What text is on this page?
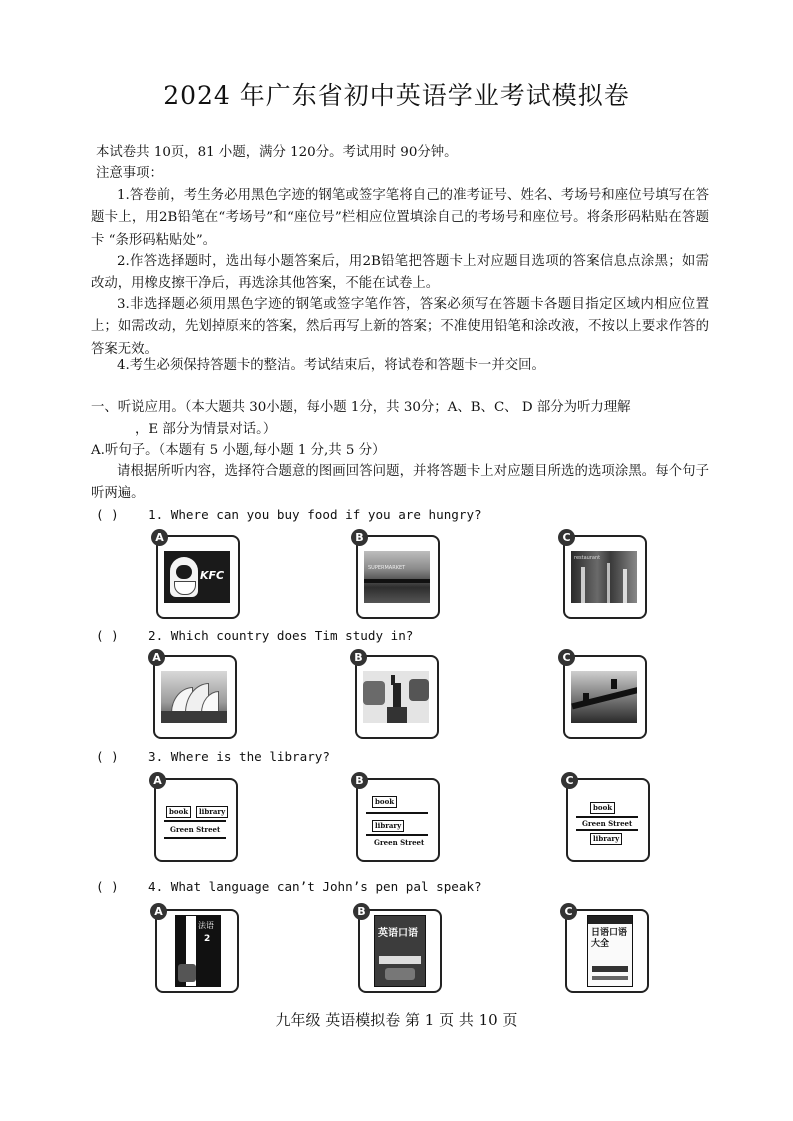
2024 年广东省初中英语学业考试模拟卷
本试卷共 10页，81 小题，满分 120分。考试用时 90分钟。
注意事项：
1.答卷前，考生务必用黑色字迹的钢笔或签字笔将自己的准考证号、姓名、考场号和座位号填写在答题卡上，用2B铅笔在“考场号”和“座位号”栏相应位置填涂自己的考场号和座位号。将条形码粘贴在答题卡 “条形码粘贴处”。
2.作答选择题时，选出每小题答案后，用2B铅笔把答题卡上对应题目选项的答案信息点涂黑；如需改动，用橡皮擦干净后，再选涂其他答案，不能在试卷上。
3.非选择题必须用黑色字迹的钢笔或签字笔作答，答案必须写在答题卡各题目指定区域内相应位置上；如需改动，先划掉原来的答案，然后再写上新的答案；不准使用铅笔和涂改液，不按以上要求作答的答案无效。
4.考生必须保持答题卡的整洁。考试结束后，将试卷和答题卡一并交回。
一、听说应用。（本大题共 30小题，每小题 1分，共 30分；A、B、C、 D 部分为听力理解
，E 部分为情景对话。）
A.听句子。（本题有 5 小题,每小题 1 分,共 5 分）
请根据所听内容，选择符合题意的图画回答问题，并将答题卡上对应题目所选的选项涂黑。每个句子听两遍。
( ) 1. Where can you buy food if you are hungry?
A
KFC
B
SUPERMARKET
C
restaurant
( ) 2. Which country does Tim study in?
A	B	C
( ) 3. Where is the library?
A
book	library
Green Street
B
book
library
Green Street
C
book
Green Street
library
( ) 4. What language can’t John’s pen pal speak?
A
法语
2
B
英语口语
C
日语口语大全
九年级 英语模拟卷 第 1 页 共 10 页
